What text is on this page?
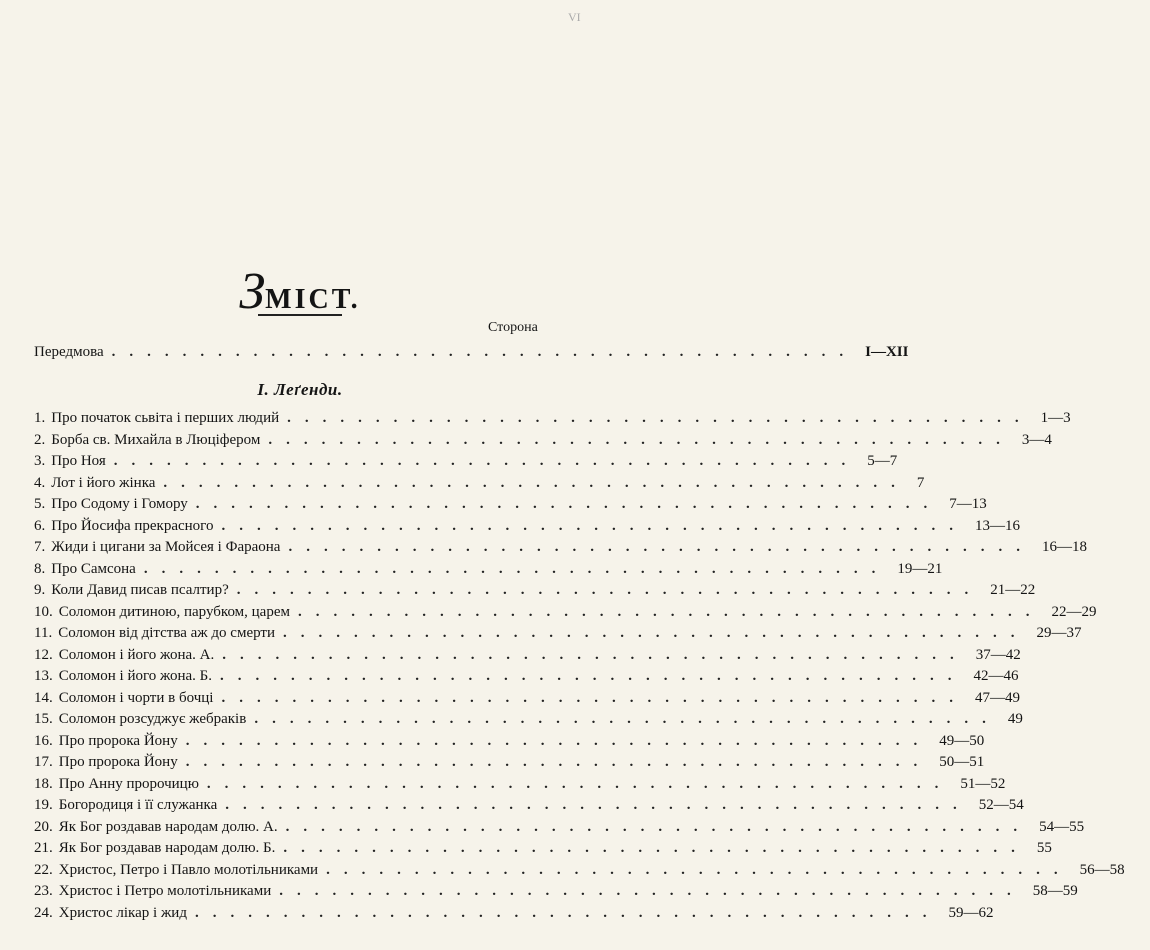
VI
ЗМІСТ.
Сторона
Передмова .......................................... I—XII
I. Леґенди.
1. Про початок сьвіта і перших людий .......................................... 1—3
2. Борба св. Михайла в Люціфером .......................................... 3—4
3. Про Ноя .......................................... 5—7
4. Лот і його жінка .......................................... 7
5. Про Содому і Гомору .......................................... 7—13
6. Про Йосифа прекрасного .......................................... 13—16
7. Жиди і цигани за Мойсея і Фараона .......................................... 16—18
8. Про Самсона .......................................... 19—21
9. Коли Давид писав псалтир? .......................................... 21—22
10. Соломон дитиною, парубком, царем .......................................... 22—29
11. Соломон від дітства аж до смерти .......................................... 29—37
12. Соломон і його жона. А. .......................................... 37—42
13. Соломон і його жона. Б. .......................................... 42—46
14. Соломон і чорти в бочці .......................................... 47—49
15. Соломон розсуджує жебраків .......................................... 49
16. Про пророка Йону .......................................... 49—50
17. Про пророка Йону .......................................... 50—51
18. Про Анну пророчицю .......................................... 51—52
19. Богородиця і її служанка .......................................... 52—54
20. Як Бог роздавав народам долю. А. .......................................... 54—55
21. Як Бог роздавав народам долю. Б. .......................................... 55
22. Христос, Петро і Павло молотільниками .......................................... 56—58
23. Христос і Петро молотільниками .......................................... 58—59
24. Христос лікар і жид .......................................... 59—62
